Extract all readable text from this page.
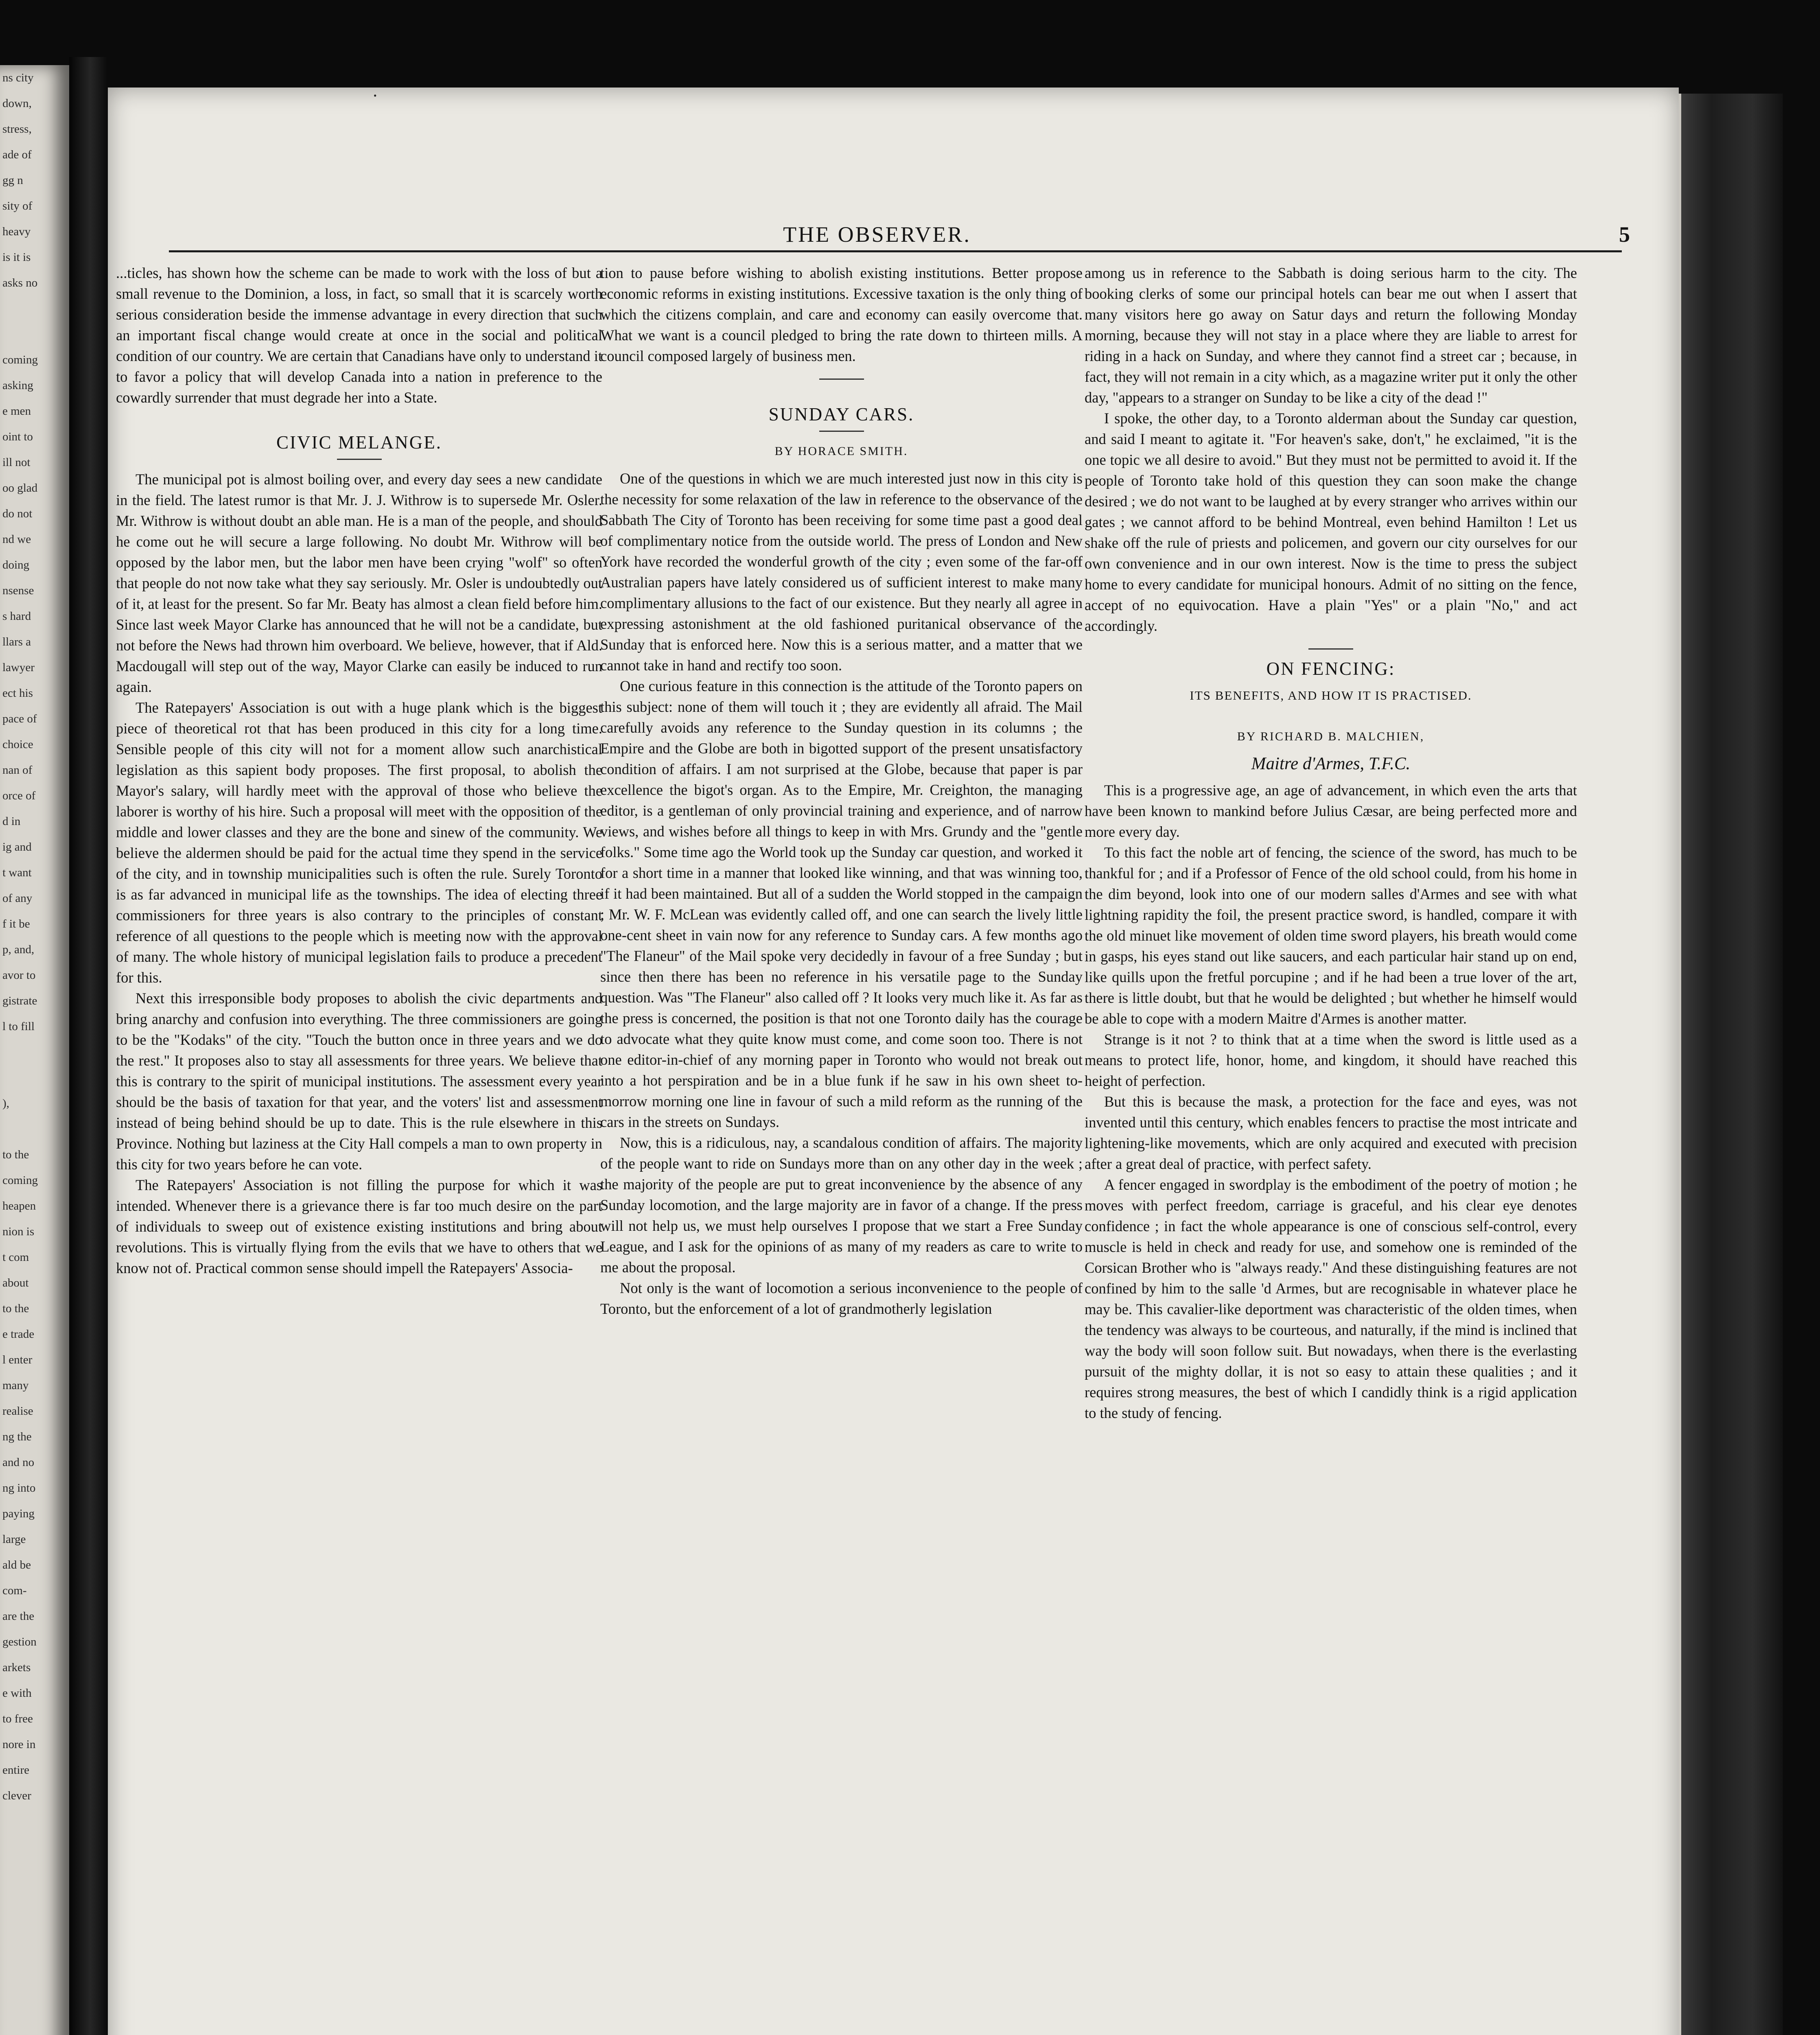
ns city
down,
stress,
ade of
gg n
sity of
heavy
is it is
asks no

coming
asking
e men
oint to
ill not
oo glad
do not
nd we
doing
nsense
s hard
llars a
lawyer
ect his
pace of
choice
nan of
orce of
d in
ig and
t want
of any
f it be
p, and,
avor to
gistrate
l to fill

),

to the
coming
heapen
nion is
t com
about
to the
e trade
l enter
many
realise
ng the
and no
ng into
paying
large
ald be
com-
are the
gestion
arkets
e with
to free
nore in
entire
clever
THE OBSERVER.	5

...ticles, has shown how the scheme can be made to work with the loss of but a small revenue to the Dominion, a loss, in fact, so small that it is scarcely worth serious consideration beside the immense advantage in every direction that such an important fiscal change would create at once in the social and political condition of our country. We are certain that Canadians have only to understand it to favor a policy that will develop Canada into a nation in preference to the cowardly surrender that must degrade her into a State.

CIVIC MELANGE.

The municipal pot is almost boiling over, and every day sees a new candidate in the field. The latest rumor is that Mr. J. J. Withrow is to supersede Mr. Osler. Mr. Withrow is without doubt an able man. He is a man of the people, and should he come out he will secure a large following. No doubt Mr. Withrow will be opposed by the labor men, but the labor men have been crying "wolf" so often that people do not now take what they say seriously. Mr. Osler is undoubtedly out of it, at least for the present. So far Mr. Beaty has almost a clean field before him. Since last week Mayor Clarke has announced that he will not be a candidate, but not before the News had thrown him overboard. We believe, however, that if Ald. Macdougall will step out of the way, Mayor Clarke can easily be induced to run again.

The Ratepayers' Association is out with a huge plank which is the biggest piece of theoretical rot that has been produced in this city for a long time. Sensible people of this city will not for a moment allow such anarchistical legislation as this sapient body proposes. The first proposal, to abolish the Mayor's salary, will hardly meet with the approval of those who believe the laborer is worthy of his hire. Such a proposal will meet with the opposition of the middle and lower classes and they are the bone and sinew of the community. We believe the aldermen should be paid for the actual time they spend in the service of the city, and in township municipalities such is often the rule. Surely Toronto is as far advanced in municipal life as the townships. The idea of electing three commissioners for three years is also contrary to the principles of constant reference of all questions to the people which is meeting now with the approval of many. The whole history of municipal legislation fails to produce a precedent for this.

Next this irresponsible body proposes to abolish the civic departments and bring anarchy and confusion into everything. The three commissioners are going to be the "Kodaks" of the city. "Touch the button once in three years and we do the rest." It proposes also to stay all assessments for three years. We believe that this is contrary to the spirit of municipal institutions. The assessment every year should be the basis of taxation for that year, and the voters' list and assessment instead of being behind should be up to date. This is the rule elsewhere in this Province. Nothing but laziness at the City Hall compels a man to own property in this city for two years before he can vote.

The Ratepayers' Association is not filling the purpose for which it was intended. Whenever there is a grievance there is far too much desire on the part of individuals to sweep out of existence existing institutions and bring about revolutions. This is virtually flying from the evils that we have to others that we know not of. Practical common sense should impell the Ratepayers' Associa-

tion to pause before wishing to abolish existing institutions. Better propose economic reforms in existing institutions. Excessive taxation is the only thing of which the citizens complain, and care and economy can easily overcome that. What we want is a council pledged to bring the rate down to thirteen mills. A council composed largely of business men.

SUNDAY CARS.
BY HORACE SMITH.

One of the questions in which we are much interested just now in this city is the necessity for some relaxation of the law in reference to the observance of the Sabbath The City of Toronto has been receiving for some time past a good deal of complimentary notice from the outside world. The press of London and New York have recorded the wonderful growth of the city ; even some of the far-off Australian papers have lately considered us of sufficient interest to make many complimentary allusions to the fact of our existence. But they nearly all agree in expressing astonishment at the old fashioned puritanical observance of the Sunday that is enforced here. Now this is a serious matter, and a matter that we cannot take in hand and rectify too soon.

One curious feature in this connection is the attitude of the Toronto papers on this subject: none of them will touch it ; they are evidently all afraid. The Mail carefully avoids any reference to the Sunday question in its columns ; the Empire and the Globe are both in bigotted support of the present unsatisfactory condition of affairs. I am not surprised at the Globe, because that paper is par excellence the bigot's organ. As to the Empire, Mr. Creighton, the managing editor, is a gentleman of only provincial training and experience, and of narrow views, and wishes before all things to keep in with Mrs. Grundy and the "gentle folks." Some time ago the World took up the Sunday car question, and worked it for a short time in a manner that looked like winning, and that was winning too, if it had been maintained. But all of a sudden the World stopped in the campaign ; Mr. W. F. McLean was evidently called off, and one can search the lively little one-cent sheet in vain now for any reference to Sunday cars. A few months ago "The Flaneur" of the Mail spoke very decidedly in favour of a free Sunday ; but since then there has been no reference in his versatile page to the Sunday question. Was "The Flaneur" also called off ? It looks very much like it. As far as the press is concerned, the position is that not one Toronto daily has the courage to advocate what they quite know must come, and come soon too. There is not one editor-in-chief of any morning paper in Toronto who would not break out into a hot perspiration and be in a blue funk if he saw in his own sheet to-morrow morning one line in favour of such a mild reform as the running of the cars in the streets on Sundays.

Now, this is a ridiculous, nay, a scandalous condition of affairs. The majority of the people want to ride on Sundays more than on any other day in the week ; the majority of the people are put to great inconvenience by the absence of any Sunday locomotion, and the large majority are in favor of a change. If the press will not help us, we must help ourselves I propose that we start a Free Sunday League, and I ask for the opinions of as many of my readers as care to write to me about the proposal.

Not only is the want of locomotion a serious inconvenience to the people of Toronto, but the enforcement of a lot of grandmotherly legislation

among us in reference to the Sabbath is doing serious harm to the city. The booking clerks of some our principal hotels can bear me out when I assert that many visitors here go away on Satur days and return the following Monday morning, because they will not stay in a place where they are liable to arrest for riding in a hack on Sunday, and where they cannot find a street car ; because, in fact, they will not remain in a city which, as a magazine writer put it only the other day, "appears to a stranger on Sunday to be like a city of the dead !"

I spoke, the other day, to a Toronto alderman about the Sunday car question, and said I meant to agitate it. "For heaven's sake, don't," he exclaimed, "it is the one topic we all desire to avoid." But they must not be permitted to avoid it. If the people of Toronto take hold of this question they can soon make the change desired ; we do not want to be laughed at by every stranger who arrives within our gates ; we cannot afford to be behind Montreal, even behind Hamilton ! Let us shake off the rule of priests and policemen, and govern our city ourselves for our own convenience and in our own interest. Now is the time to press the subject home to every candidate for municipal honours. Admit of no sitting on the fence, accept of no equivocation. Have a plain "Yes" or a plain "No," and act accordingly.

ON FENCING:
ITS BENEFITS, AND HOW IT IS PRACTISED.
BY RICHARD B. MALCHIEN,
Maitre d'Armes, T.F.C.

This is a progressive age, an age of advancement, in which even the arts that have been known to mankind before Julius Cæsar, are being perfected more and more every day.

To this fact the noble art of fencing, the science of the sword, has much to be thankful for ; and if a Professor of Fence of the old school could, from his home in the dim beyond, look into one of our modern salles d'Armes and see with what lightning rapidity the foil, the present practice sword, is handled, compare it with the old minuet like movement of olden time sword players, his breath would come in gasps, his eyes stand out like saucers, and each particular hair stand up on end, like quills upon the fretful porcupine ; and if he had been a true lover of the art, there is little doubt, but that he would be delighted ; but whether he himself would be able to cope with a modern Maitre d'Armes is another matter.

Strange is it not ? to think that at a time when the sword is little used as a means to protect life, honor, home, and kingdom, it should have reached this height of perfection.

But this is because the mask, a protection for the face and eyes, was not invented until this century, which enables fencers to practise the most intricate and lightening-like movements, which are only acquired and executed with precision after a great deal of practice, with perfect safety.

A fencer engaged in swordplay is the embodiment of the poetry of motion ; he moves with perfect freedom, carriage is graceful, and his clear eye denotes confidence ; in fact the whole appearance is one of conscious self-control, every muscle is held in check and ready for use, and somehow one is reminded of the Corsican Brother who is "always ready." And these distinguishing features are not confined by him to the salle 'd Armes, but are recognisable in whatever place he may be. This cavalier-like deportment was characteristic of the olden times, when the tendency was always to be courteous, and naturally, if the mind is inclined that way the body will soon follow suit. But nowadays, when there is the everlasting pursuit of the mighty dollar, it is not so easy to attain these qualities ; and it requires strong measures, the best of which I candidly think is a rigid application to the study of fencing.

․
